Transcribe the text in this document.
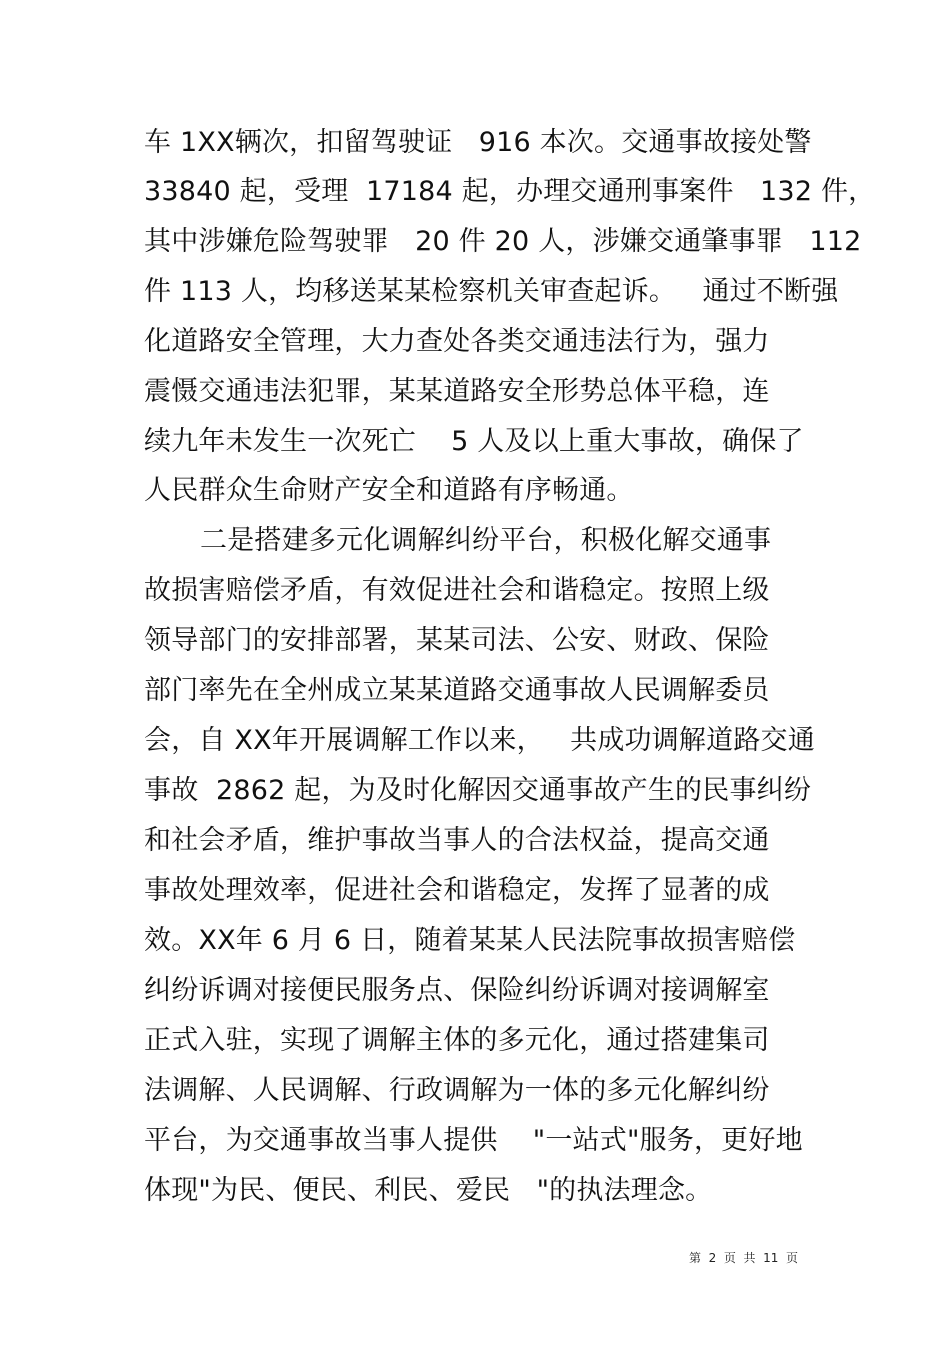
车 1XX辆次，扣留驾驶证   916 本次。交通事故接处警
33840 起，受理  17184 起，办理交通刑事案件   132 件，
其中涉嫌危险驾驶罪   20 件 20 人，涉嫌交通肇事罪   112
件 113 人，均移送某某检察机关审查起诉。   通过不断强
化道路安全管理，大力查处各类交通违法行为，强力
震慑交通违法犯罪，某某道路安全形势总体平稳，连
续九年未发生一次死亡    5 人及以上重大事故，确保了
人民群众生命财产安全和道路有序畅通。
二是搭建多元化调解纠纷平台，积极化解交通事
故损害赔偿矛盾，有效促进社会和谐稳定。按照上级
领导部门的安排部署，某某司法、公安、财政、保险
部门率先在全州成立某某道路交通事故人民调解委员
会，自 XX年开展调解工作以来，   共成功调解道路交通
事故  2862 起，为及时化解因交通事故产生的民事纠纷
和社会矛盾，维护事故当事人的合法权益，提高交通
事故处理效率，促进社会和谐稳定，发挥了显著的成
效。XX年 6 月 6 日，随着某某人民法院事故损害赔偿
纠纷诉调对接便民服务点、保险纠纷诉调对接调解室
正式入驻，实现了调解主体的多元化，通过搭建集司
法调解、人民调解、行政调解为一体的多元化解纠纷
平台，为交通事故当事人提供    "一站式"服务，更好地
体现"为民、便民、利民、爱民   "的执法理念。
第  2  页  共  11  页
